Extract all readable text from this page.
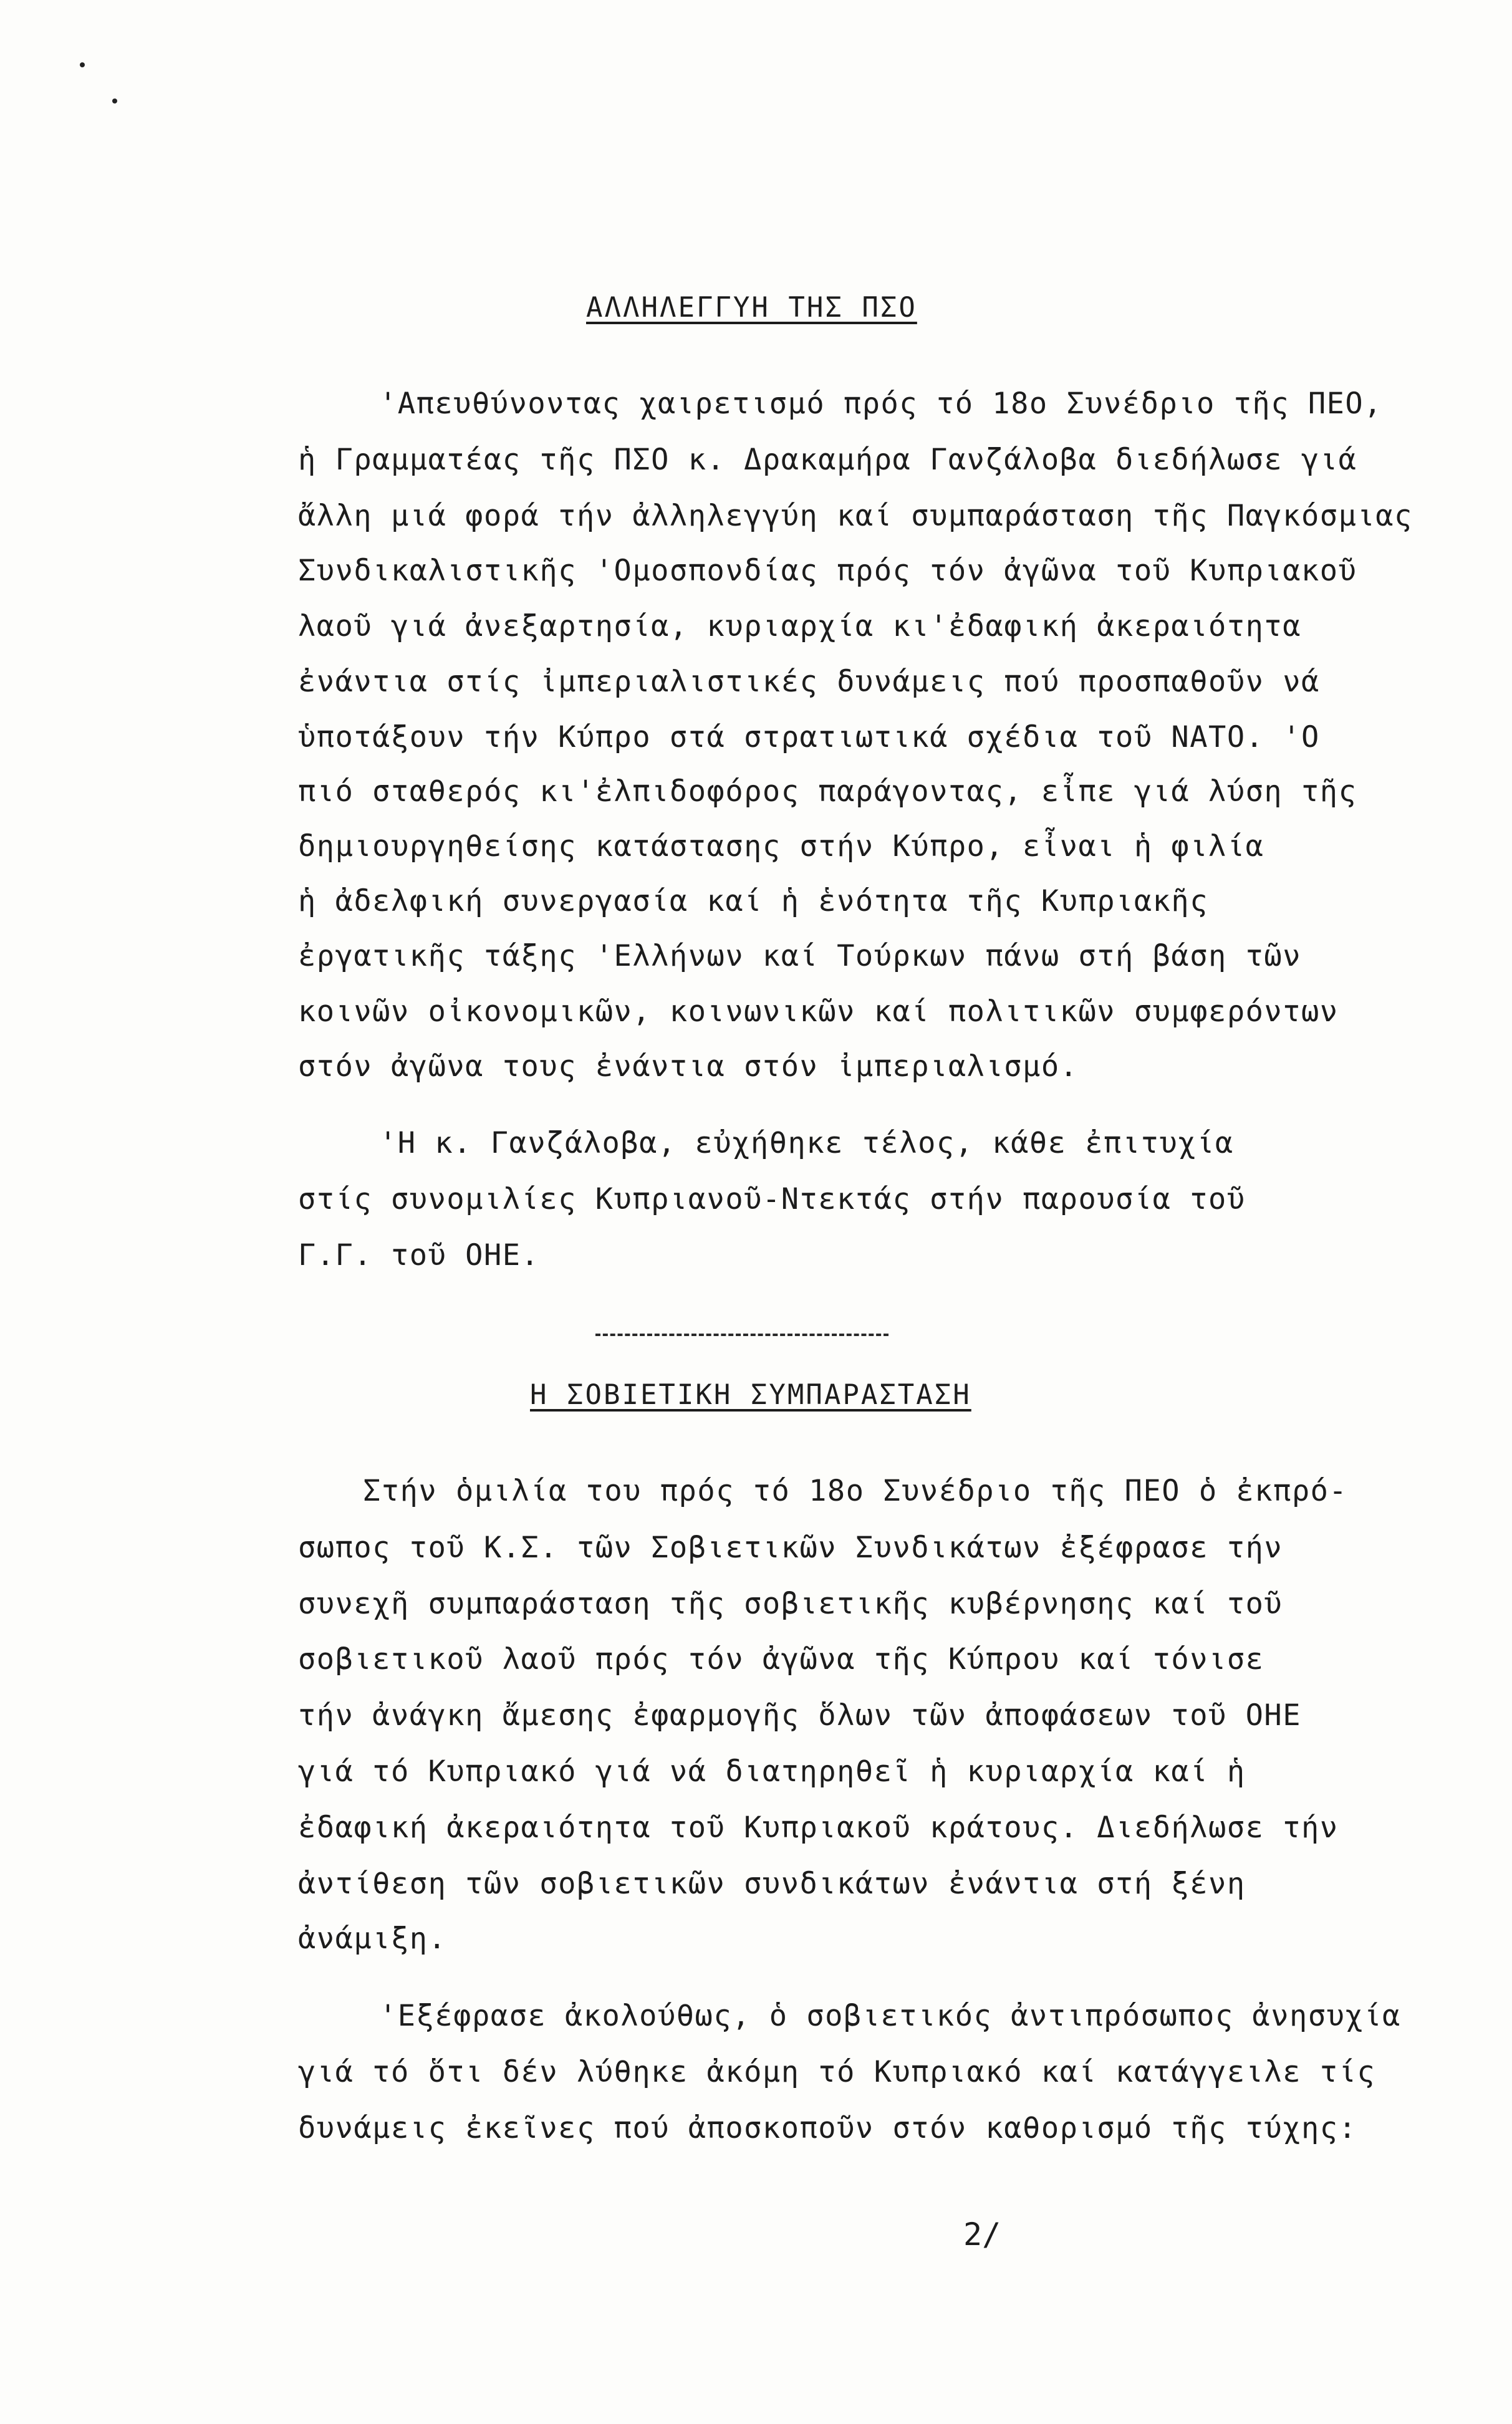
ΑΛΛΗΛΕΓΓΥΗ ΤΗΣ ΠΣΟ

'Απευθύνοντας χαιρετισμό πρός τό 18ο Συνέδριο τῆς ΠΕΟ,

ἡ Γραμματέας τῆς ΠΣΟ κ. Δρακαμήρα Γανζάλοβα διεδήλωσε γιά

ἄλλη μιά φορά τήν ἀλληλεγγύη καί συμπαράσταση τῆς Παγκόσμιας

Συνδικαλιστικῆς 'Ομοσπονδίας πρός τόν ἀγῶνα τοῦ Κυπριακοῦ

λαοῦ γιά ἀνεξαρτησία, κυριαρχία κι'ἐδαφική ἀκεραιότητα

ἐνάντια στίς ἰμπεριαλιστικές δυνάμεις πού προσπαθοῦν νά

ὑποτάξουν τήν Κύπρο στά στρατιωτικά σχέδια τοῦ ΝΑΤΟ. 'Ο

πιό σταθερός κι'ἐλπιδοφόρος παράγοντας, εἶπε γιά λύση τῆς

δημιουργηθείσης κατάστασης στήν Κύπρο, εἶναι ἡ φιλία

ἡ ἀδελφική συνεργασία καί ἡ ἑνότητα τῆς Κυπριακῆς

ἐργατικῆς τάξης 'Ελλήνων καί Τούρκων πάνω στή βάση τῶν

κοινῶν οἰκονομικῶν, κοινωνικῶν καί πολιτικῶν συμφερόντων

στόν ἀγῶνα τους ἐνάντια στόν ἰμπεριαλισμό.

'Η κ. Γανζάλοβα, εὐχήθηκε τέλος, κάθε ἐπιτυχία

στίς συνομιλίες Κυπριανοῦ-Ντεκτάς στήν παρουσία τοῦ

Γ.Γ. τοῦ ΟΗΕ.

Η ΣΟΒΙΕΤΙΚΗ ΣΥΜΠΑΡΑΣΤΑΣΗ

Στήν ὁμιλία του πρός τό 18ο Συνέδριο τῆς ΠΕΟ ὁ ἐκπρό-

σωπος τοῦ Κ.Σ. τῶν Σοβιετικῶν Συνδικάτων ἐξέφρασε τήν

συνεχῆ συμπαράσταση τῆς σοβιετικῆς κυβέρνησης καί τοῦ

σοβιετικοῦ λαοῦ πρός τόν ἀγῶνα τῆς Κύπρου καί τόνισε

τήν ἀνάγκη ἄμεσης ἐφαρμογῆς ὅλων τῶν ἀποφάσεων τοῦ ΟΗΕ

γιά τό Κυπριακό γιά νά διατηρηθεῖ ἡ κυριαρχία καί ἡ

ἐδαφική ἀκεραιότητα τοῦ Κυπριακοῦ κράτους. Διεδήλωσε τήν

ἀντίθεση τῶν σοβιετικῶν συνδικάτων ἐνάντια στή ξένη

ἀνάμιξη.

'Εξέφρασε ἀκολούθως, ὁ σοβιετικός ἀντιπρόσωπος ἀνησυχία

γιά τό ὅτι δέν λύθηκε ἀκόμη τό Κυπριακό καί κατάγγειλε τίς

δυνάμεις ἐκεῖνες πού ἀποσκοποῦν στόν καθορισμό τῆς τύχης:

2/
